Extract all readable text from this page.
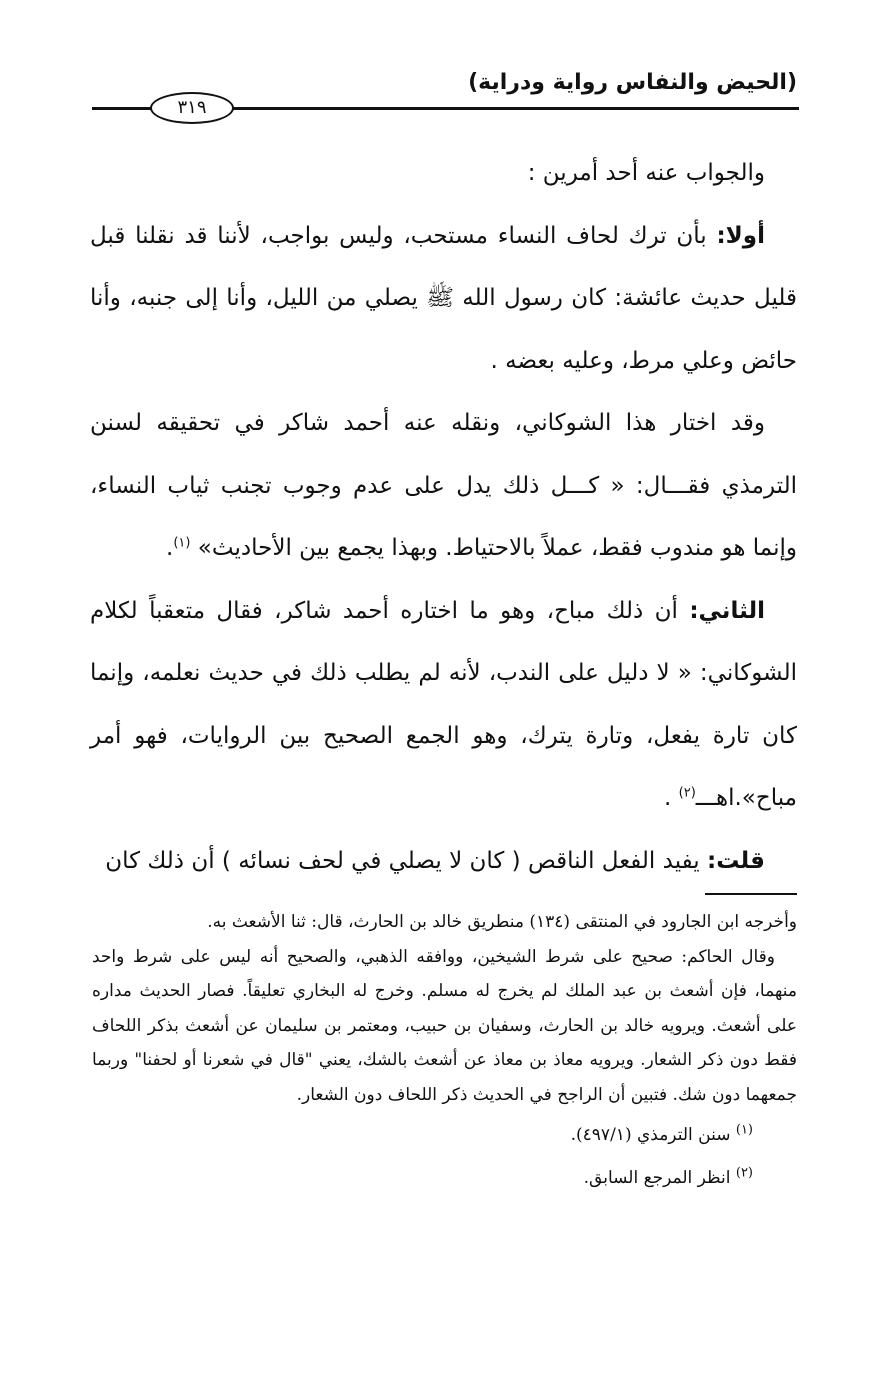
(الحيض والنفاس رواية ودراية)
٣١٩

والجواب عنه أحد أمرين :

أولا: بأن ترك لحاف النساء مستحب، وليس بواجب، لأننا قد نقلنا قبل قليل حديث عائشة: كان رسول الله ﷺ يصلي من الليل، وأنا إلى جنبه، وأنا حائض وعلي مرط، وعليه بعضه .

وقد اختار هذا الشوكاني، ونقله عنه أحمد شاكر في تحقيقه لسنن الترمذي فقـــال: « كـــل ذلك يدل على عدم وجوب تجنب ثياب النساء، وإنما هو مندوب فقط، عملاً بالاحتياط. وبهذا يجمع بين الأحاديث» $^{(١)}$.

الثاني: أن ذلك مباح، وهو ما اختاره أحمد شاكر، فقال متعقباً لكلام الشوكاني: « لا دليل على الندب، لأنه لم يطلب ذلك في حديث نعلمه، وإنما كان تارة يفعل، وتارة يترك، وهو الجمع الصحيح بين الروايات، فهو أمر مباح».اهـــ$^{(٢)}$ .

قلت: يفيد الفعل الناقص ( كان لا يصلي في لحف نسائه ) أن ذلك كان

وأخرجه ابن الجارود في المنتقى (١٣٤) منطريق خالد بن الحارث، قال: ثنا الأشعث به.

وقال الحاكم: صحيح على شرط الشيخين، ووافقه الذهبي، والصحيح أنه ليس على شرط واحد منهما، فإن أشعث بن عبد الملك لم يخرج له مسلم. وخرج له البخاري تعليقاً. فصار الحديث مداره على أشعث. ويرويه خالد بن الحارث، وسفيان بن حبيب، ومعتمر بن سليمان عن أشعث بذكر اللحاف فقط دون ذكر الشعار. ويرويه معاذ بن معاذ عن أشعث بالشك، يعني "قال في شعرنا أو لحفنا" وربما جمعهما دون شك. فتبين أن الراجح في الحديث ذكر اللحاف دون الشعار.

$^{(١)}$ سنن الترمذي (٤٩٧/١).

$^{(٢)}$ انظر المرجع السابق.
